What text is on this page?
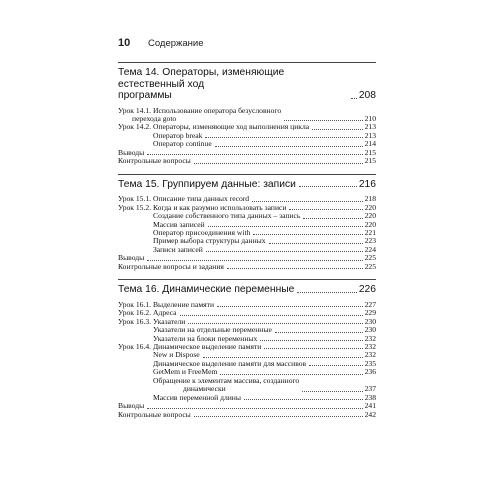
10	Содержание
Тема 14. Операторы, изменяющие естественный ход
программы	208
Урок 14.1. Использование оператора безусловного
перехода goto	210
Урок 14.2. Операторы, изменяющие ход выполнения цикла	213
Оператор break	213
Оператор continue	214
Выводы	215
Контрольные вопросы	215
Тема 15. Группируем данные: записи	216
Урок 15.1. Описание типа данных record	218
Урок 15.2. Когда и как разумно использовать записи	220
Создание собственного типа данных – запись	220
Массив записей	220
Оператор присоединения with	221
Пример выбора структуры данных	223
Записи записей	224
Выводы	225
Контрольные вопросы и задания	225
Тема 16. Динамические переменные	226
Урок 16.1. Выделение памяти	227
Урок 16.2. Адреса	229
Урок 16.3. Указатели	230
Указатели на отдельные переменные	230
Указатели на блоки переменных	232
Урок 16.4. Динамическое выделение памяти	232
New и Dispose	232
Динамическое выделение памяти для массивов	235
GetMem и FreeMem	236
Обращение к элементам массива, созданного
динамически	237
Массив переменной длины	238
Выводы	241
Контрольные вопросы	242
